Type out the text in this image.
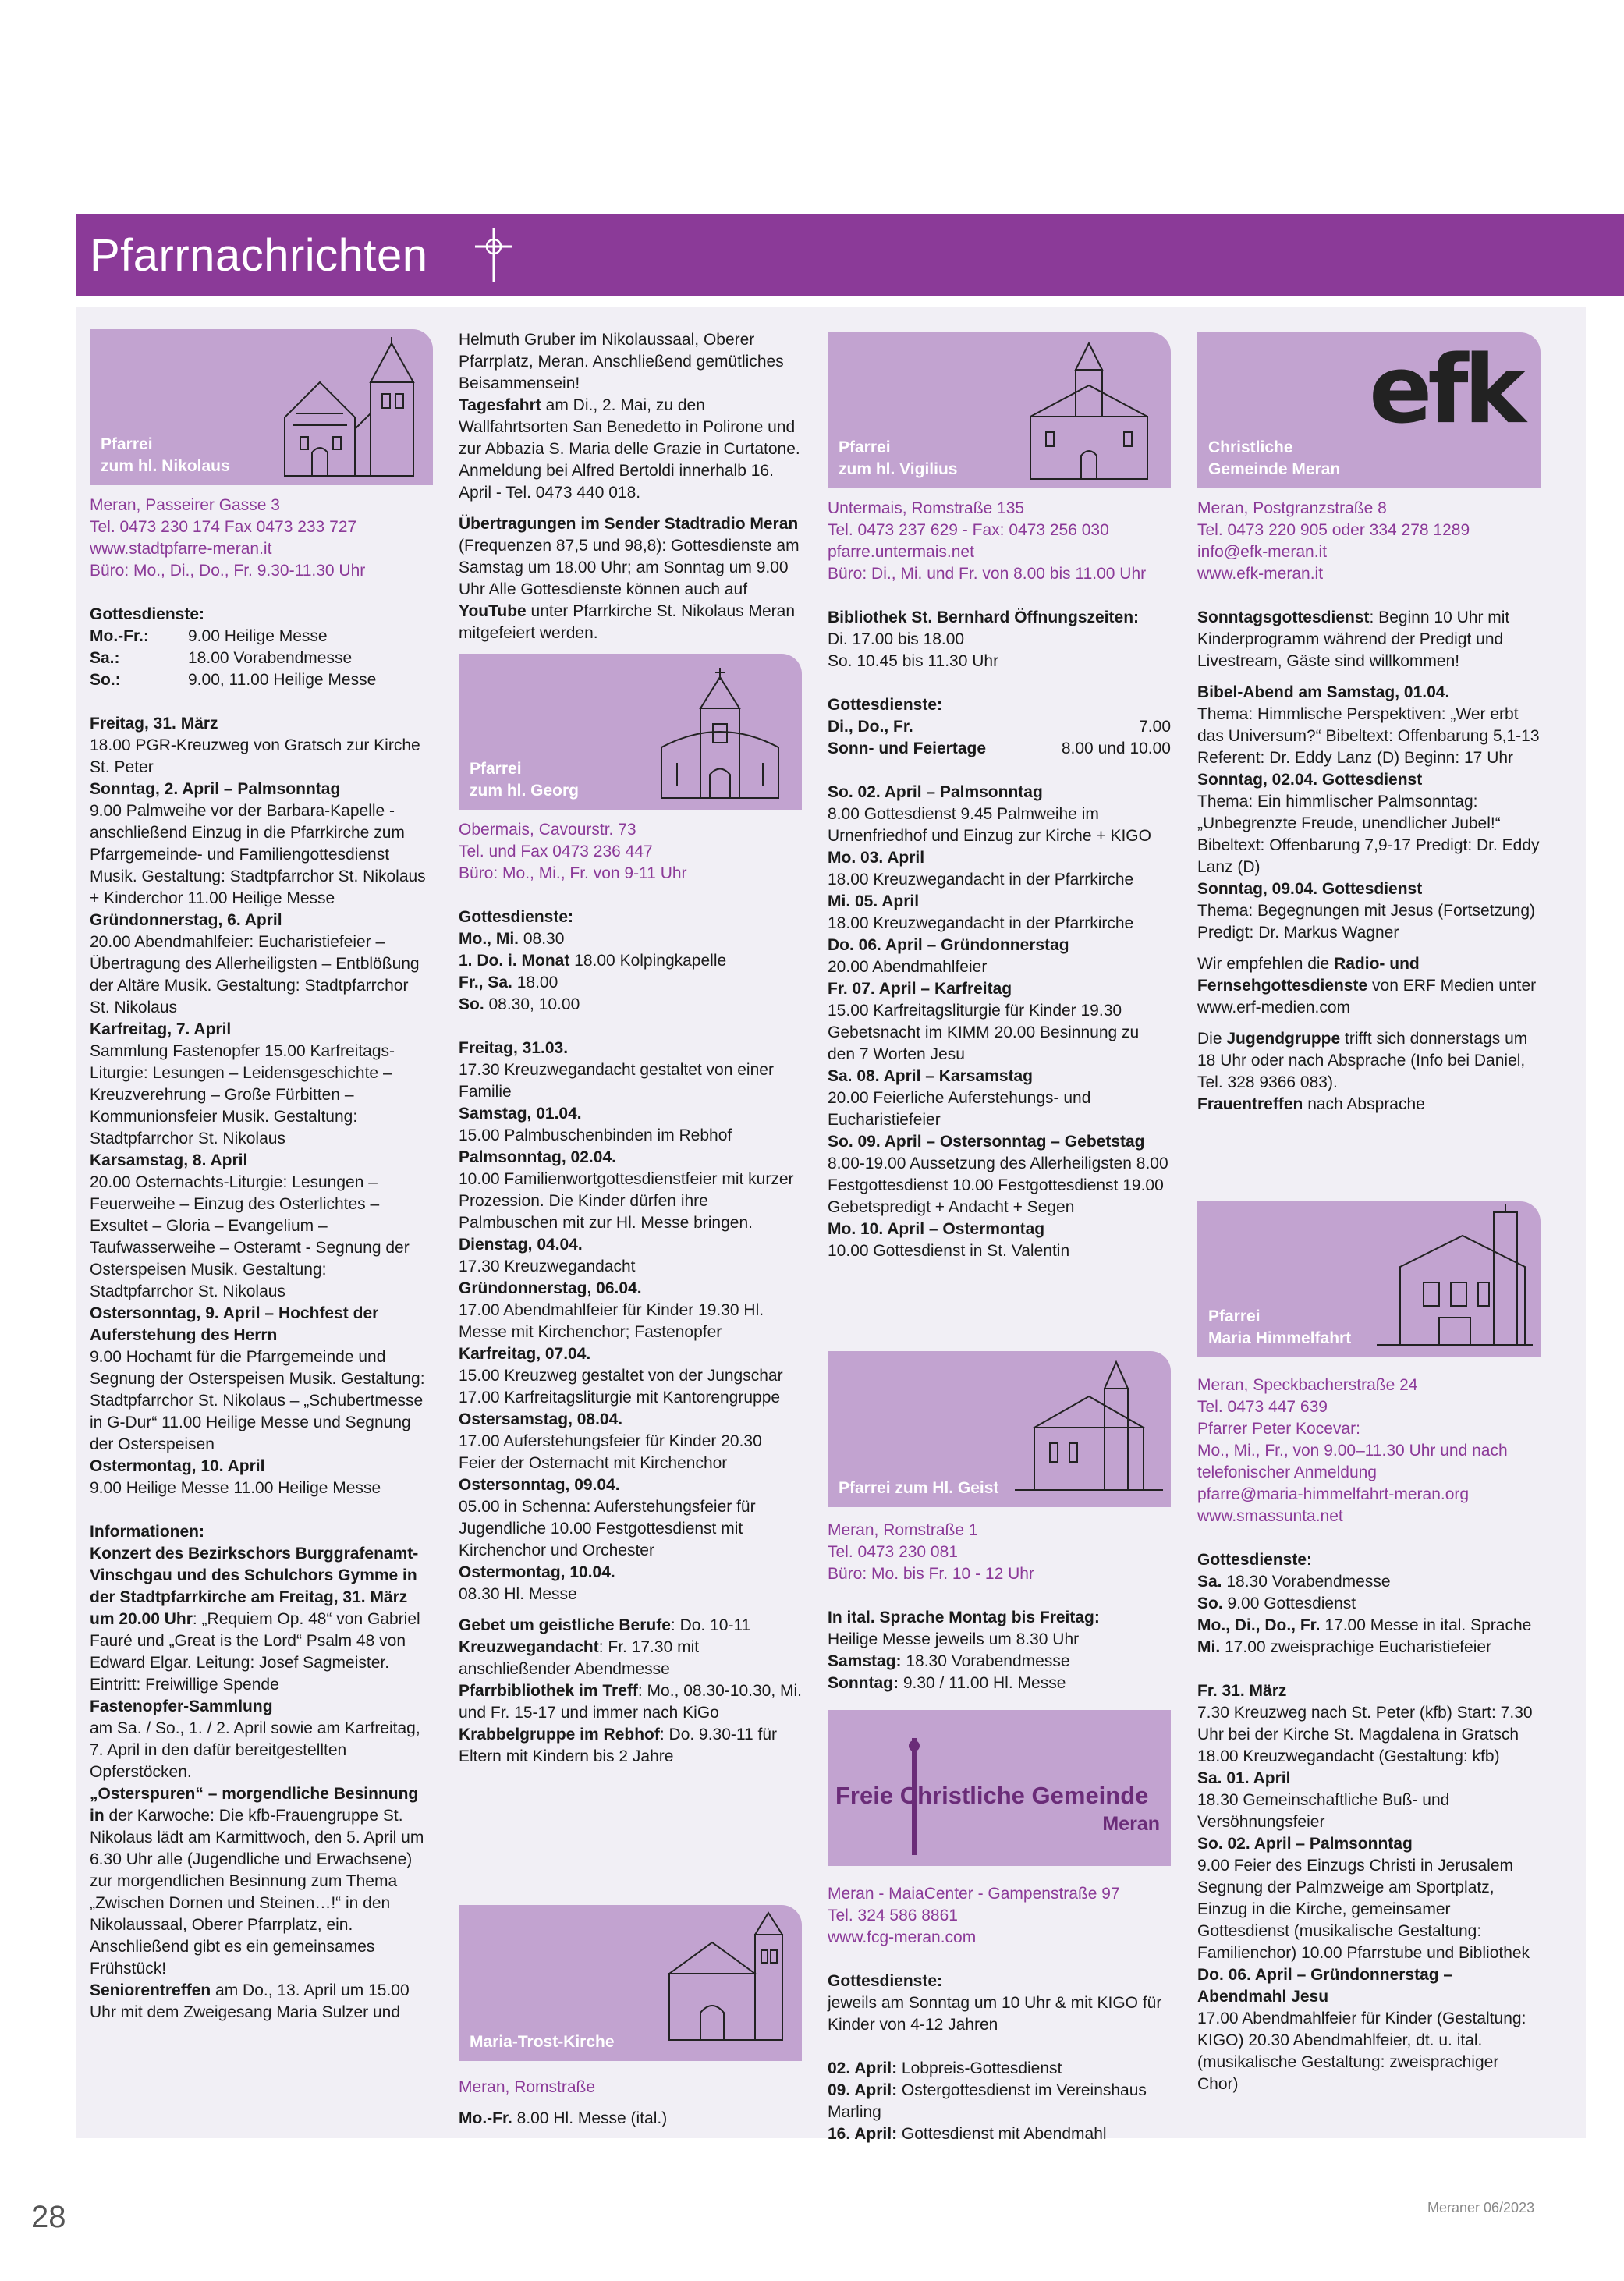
Pfarrnachrichten
Pfarrei
zum hl. Nikolaus

Meran, Passeirer Gasse 3

Tel. 0473 230 174 Fax 0473 233 727

www.stadtpfarre-meran.it

Büro: Mo., Di., Do., Fr. 9.30-11.30 Uhr

Gottesdienste:

Mo.-Fr.:	9.00 Heilige Messe
Sa.:	18.00 Vorabendmesse
So.:	9.00, 11.00 Heilige Messe

Freitag, 31. März

18.00 PGR-Kreuzweg von Gratsch zur Kirche St. Peter

Sonntag, 2. April – Palmsonntag

9.00 Palmweihe vor der Barbara-Kapelle - anschließend Einzug in die Pfarrkirche zum Pfarrgemeinde- und Familiengottesdienst Musik. Gestaltung: Stadtpfarrchor St. Nikolaus + Kinderchor 11.00 Heilige Messe

Gründonnerstag, 6. April

20.00 Abendmahlfeier: Eucharistiefeier – Übertragung des Allerheiligsten – Entblößung der Altäre Musik. Gestaltung: Stadtpfarrchor St. Nikolaus

Karfreitag, 7. April

Sammlung Fastenopfer 15.00 Karfreitags-Liturgie: Lesungen – Leidensgeschichte – Kreuzverehrung – Große Fürbitten – Kommunionsfeier Musik. Gestaltung: Stadtpfarrchor St. Nikolaus

Karsamstag, 8. April

20.00 Osternachts-Liturgie: Lesungen – Feuerweihe – Einzug des Osterlichtes – Exsultet – Gloria – Evangelium – Taufwasserweihe – Osteramt - Segnung der Osterspeisen Musik. Gestaltung: Stadtpfarrchor St. Nikolaus

Ostersonntag, 9. April – Hochfest der Auferstehung des Herrn

9.00 Hochamt für die Pfarrgemeinde und Segnung der Osterspeisen Musik. Gestaltung: Stadtpfarrchor St. Nikolaus – „Schubertmesse in G-Dur“ 11.00 Heilige Messe und Segnung der Osterspeisen

Ostermontag, 10. April

9.00 Heilige Messe 11.00 Heilige Messe

Informationen:

Konzert des Bezirkschors Burggrafenamt-Vinschgau und des Schulchors Gymme in der Stadtpfarrkirche am Freitag, 31. März um 20.00 Uhr: „Requiem Op. 48“ von Gabriel Fauré und „Great is the Lord“ Psalm 48 von Edward Elgar. Leitung: Josef Sagmeister. Eintritt: Freiwillige Spende

Fastenopfer-Sammlung

am Sa. / So., 1. / 2. April sowie am Karfreitag, 7. April in den dafür bereitgestellten Opferstöcken.

„Osterspuren“ – morgendliche Besinnung in der Karwoche: Die kfb-Frauengruppe St. Nikolaus lädt am Karmittwoch, den 5. April um 6.30 Uhr alle (Jugendliche und Erwachsene) zur morgendlichen Besinnung zum Thema „Zwischen Dornen und Steinen…!“ in den Nikolaussaal, Oberer Pfarrplatz, ein. Anschließend gibt es ein gemeinsames Frühstück!

Seniorentreffen am Do., 13. April um 15.00 Uhr mit dem Zweigesang Maria Sulzer und

Helmuth Gruber im Nikolaussaal, Oberer Pfarrplatz, Meran. Anschließend gemütliches Beisammensein!

Tagesfahrt am Di., 2. Mai, zu den Wallfahrtsorten San Benedetto in Polirone und zur Abbazia S. Maria delle Grazie in Curtatone. Anmeldung bei Alfred Bertoldi innerhalb 16. April - Tel. 0473 440 018.

Übertragungen im Sender Stadtradio Meran (Frequenzen 87,5 und 98,8): Gottesdienste am Samstag um 18.00 Uhr; am Sonntag um 9.00 Uhr Alle Gottesdienste können auch auf YouTube unter Pfarrkirche St. Nikolaus Meran mitgefeiert werden.

Pfarrei
zum hl. Georg

Obermais, Cavourstr. 73

Tel. und Fax 0473 236 447

Büro: Mo., Mi., Fr. von 9-11 Uhr

Gottesdienste:

Mo., Mi. 08.30

1. Do. i. Monat 18.00 Kolpingkapelle

Fr., Sa. 18.00

So. 08.30, 10.00

Freitag, 31.03.

17.30 Kreuzwegandacht gestaltet von einer Familie

Samstag, 01.04.

15.00 Palmbuschenbinden im Rebhof

Palmsonntag, 02.04.

10.00 Familienwortgottesdienstfeier mit kurzer Prozession. Die Kinder dürfen ihre Palmbuschen mit zur Hl. Messe bringen.

Dienstag, 04.04.

17.30 Kreuzwegandacht

Gründonnerstag, 06.04.

17.00 Abendmahlfeier für Kinder 19.30 Hl. Messe mit Kirchenchor; Fastenopfer

Karfreitag, 07.04.

15.00 Kreuzweg gestaltet von der Jungschar 17.00 Karfreitagsliturgie mit Kantorengruppe

Ostersamstag, 08.04.

17.00 Auferstehungsfeier für Kinder 20.30 Feier der Osternacht mit Kirchenchor

Ostersonntag, 09.04.

05.00 in Schenna: Auferstehungsfeier für Jugendliche 10.00 Festgottesdienst mit Kirchenchor und Orchester

Ostermontag, 10.04.

08.30 Hl. Messe

Gebet um geistliche Berufe: Do. 10-11

Kreuzwegandacht: Fr. 17.30 mit anschließender Abendmesse

Pfarrbibliothek im Treff: Mo., 08.30-10.30, Mi. und Fr. 15-17 und immer nach KiGo

Krabbelgruppe im Rebhof: Do. 9.30-11 für Eltern mit Kindern bis 2 Jahre

Maria-Trost-Kirche

Meran, Romstraße

Mo.-Fr. 8.00 Hl. Messe (ital.)

Pfarrei
zum hl. Vigilius

Untermais, Romstraße 135

Tel. 0473 237 629 - Fax: 0473 256 030

pfarre.untermais.net

Büro: Di., Mi. und Fr. von 8.00 bis 11.00 Uhr

Bibliothek St. Bernhard Öffnungszeiten:

Di. 17.00 bis 18.00

So. 10.45 bis 11.30 Uhr

Gottesdienste:

Di., Do., Fr.	7.00
Sonn- und Feiertage	8.00 und 10.00

So. 02. April – Palmsonntag

8.00 Gottesdienst 9.45 Palmweihe im Urnenfriedhof und Einzug zur Kirche + KIGO

Mo. 03. April

18.00 Kreuzwegandacht in der Pfarrkirche

Mi. 05. April

18.00 Kreuzwegandacht in der Pfarrkirche

Do. 06. April – Gründonnerstag

20.00 Abendmahlfeier

Fr. 07. April – Karfreitag

15.00 Karfreitagsliturgie für Kinder 19.30 Gebetsnacht im KIMM 20.00 Besinnung zu den 7 Worten Jesu

Sa. 08. April – Karsamstag

20.00 Feierliche Auferstehungs- und Eucharistiefeier

So. 09. April – Ostersonntag – Gebetstag

8.00-19.00 Aussetzung des Allerheiligsten 8.00 Festgottesdienst 10.00 Festgottesdienst 19.00 Gebetspredigt + Andacht + Segen

Mo. 10. April – Ostermontag

10.00 Gottesdienst in St. Valentin

Pfarrei zum Hl. Geist

Meran, Romstraße 1

Tel. 0473 230 081

Büro: Mo. bis Fr. 10 - 12 Uhr

In ital. Sprache Montag bis Freitag:

Heilige Messe jeweils um 8.30 Uhr

Samstag: 18.30 Vorabendmesse

Sonntag: 9.30 / 11.00 Hl. Messe

Freie Christliche Gemeinde
Meran

Meran - MaiaCenter - Gampenstraße 97

Tel. 324 586 8861

www.fcg-meran.com

Gottesdienste:

jeweils am Sonntag um 10 Uhr & mit KIGO für Kinder von 4-12 Jahren

02. April: Lobpreis-Gottesdienst

09. April: Ostergottesdienst im Vereinshaus Marling

16. April: Gottesdienst mit Abendmahl

efk
Christliche
Gemeinde Meran

Meran, Postgranzstraße 8

Tel. 0473 220 905 oder 334 278 1289

info@efk-meran.it

www.efk-meran.it

Sonntagsgottesdienst: Beginn 10 Uhr mit Kinderprogramm während der Predigt und Livestream, Gäste sind willkommen!

Bibel-Abend am Samstag, 01.04.

Thema: Himmlische Perspektiven: „Wer erbt das Universum?“ Bibeltext: Offenbarung 5,1-13 Referent: Dr. Eddy Lanz (D) Beginn: 17 Uhr

Sonntag, 02.04. Gottesdienst

Thema: Ein himmlischer Palmsonntag: „Unbegrenzte Freude, unendlicher Jubel!“ Bibeltext: Offenbarung 7,9-17 Predigt: Dr. Eddy Lanz (D)

Sonntag, 09.04. Gottesdienst

Thema: Begegnungen mit Jesus (Fortsetzung) Predigt: Dr. Markus Wagner

Wir empfehlen die Radio- und Fernsehgottesdienste von ERF Medien unter www.erf-medien.com

Die Jugendgruppe trifft sich donnerstags um 18 Uhr oder nach Absprache (Info bei Daniel, Tel. 328 9366 083).

Frauentreffen nach Absprache

Pfarrei
Maria Himmelfahrt

Meran, Speckbacherstraße 24

Tel. 0473 447 639

Pfarrer Peter Kocevar:

Mo., Mi., Fr., von 9.00–11.30 Uhr und nach telefonischer Anmeldung

pfarre@maria-himmelfahrt-meran.org

www.smassunta.net

Gottesdienste:

Sa. 18.30 Vorabendmesse

So. 9.00 Gottesdienst

Mo., Di., Do., Fr. 17.00 Messe in ital. Sprache

Mi. 17.00 zweisprachige Eucharistiefeier

Fr. 31. März

7.30 Kreuzweg nach St. Peter (kfb) Start: 7.30 Uhr bei der Kirche St. Magdalena in Gratsch 18.00 Kreuzwegandacht (Gestaltung: kfb)

Sa. 01. April

18.30 Gemeinschaftliche Buß- und Versöhnungsfeier

So. 02. April – Palmsonntag

9.00 Feier des Einzugs Christi in Jerusalem Segnung der Palmzweige am Sportplatz, Einzug in die Kirche, gemeinsamer Gottesdienst (musikalische Gestaltung: Familienchor) 10.00 Pfarrstube und Bibliothek

Do. 06. April – Gründonnerstag – Abendmahl Jesu

17.00 Abendmahlfeier für Kinder (Gestaltung: KIGO) 20.30 Abendmahlfeier, dt. u. ital. (musikalische Gestaltung: zweisprachiger Chor)

28	Meraner 06/2023
